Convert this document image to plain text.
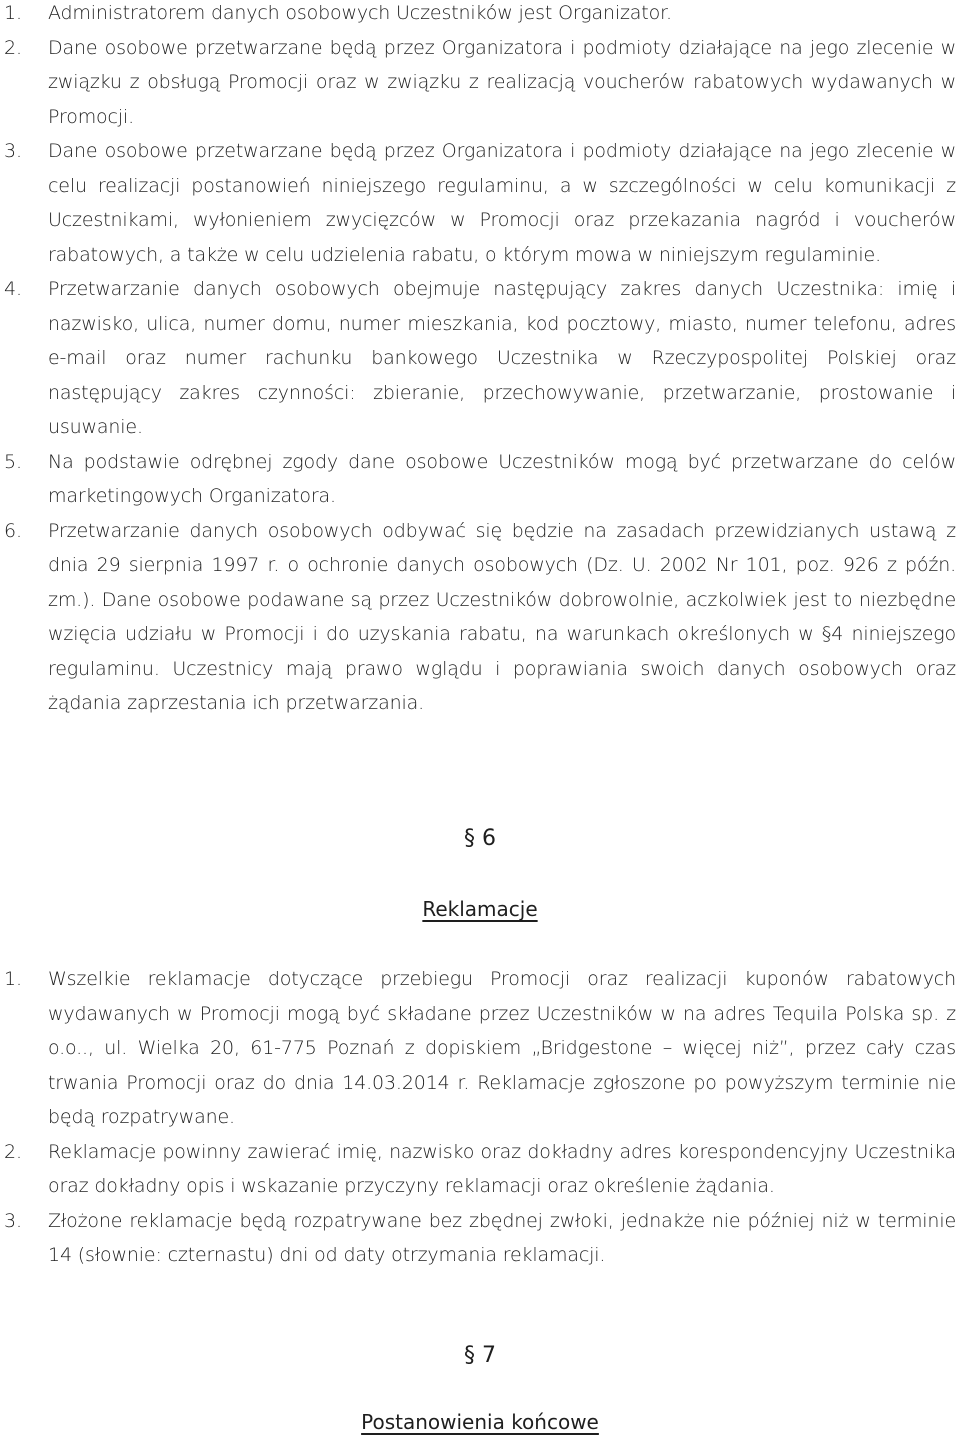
1. Administratorem danych osobowych Uczestników jest Organizator.
2. Dane osobowe przetwarzane będą przez Organizatora i podmioty działające na jego zlecenie w związku z obsługą Promocji oraz w związku z realizacją voucherów rabatowych wydawanych w Promocji.
3. Dane osobowe przetwarzane będą przez Organizatora i podmioty działające na jego zlecenie w celu realizacji postanowień niniejszego regulaminu, a w szczególności w celu komunikacji z Uczestnikami, wyłonieniem zwycięzców w Promocji oraz przekazania nagród i voucherów rabatowych, a także w celu udzielenia rabatu, o którym mowa w niniejszym regulaminie.
4. Przetwarzanie danych osobowych obejmuje następujący zakres danych Uczestnika: imię i nazwisko, ulica, numer domu, numer mieszkania, kod pocztowy, miasto, numer telefonu, adres e-mail oraz numer rachunku bankowego Uczestnika w Rzeczypospolitej Polskiej oraz następujący zakres czynności: zbieranie, przechowywanie, przetwarzanie, prostowanie i usuwanie.
5. Na podstawie odrębnej zgody dane osobowe Uczestników mogą być przetwarzane do celów marketingowych Organizatora.
6. Przetwarzanie danych osobowych odbywać się będzie na zasadach przewidzianych ustawą z dnia 29 sierpnia 1997 r. o ochronie danych osobowych (Dz. U. 2002 Nr 101, poz. 926 z późn. zm.). Dane osobowe podawane są przez Uczestników dobrowolnie, aczkolwiek jest to niezbędne wzięcia udziału w Promocji i do uzyskania rabatu, na warunkach określonych w §4 niniejszego regulaminu. Uczestnicy mają prawo wglądu i poprawiania swoich danych osobowych oraz żądania zaprzestania ich przetwarzania.
§ 6
Reklamacje
1. Wszelkie reklamacje dotyczące przebiegu Promocji oraz realizacji kuponów rabatowych wydawanych w Promocji mogą być składane przez Uczestników w na adres Tequila Polska sp. z o.o.., ul. Wielka 20, 61-775 Poznań z dopiskiem „Bridgestone – więcej niż”, przez cały czas trwania Promocji oraz do dnia 14.03.2014 r. Reklamacje zgłoszone po powyższym terminie nie będą rozpatrywane.
2. Reklamacje powinny zawierać imię, nazwisko oraz dokładny adres korespondencyjny Uczestnika oraz dokładny opis i wskazanie przyczyny reklamacji oraz określenie żądania.
3. Złożone reklamacje będą rozpatrywane bez zbędnej zwłoki, jednakże nie później niż w terminie 14 (słownie: czternastu) dni od daty otrzymania reklamacji.
§ 7
Postanowienia końcowe
